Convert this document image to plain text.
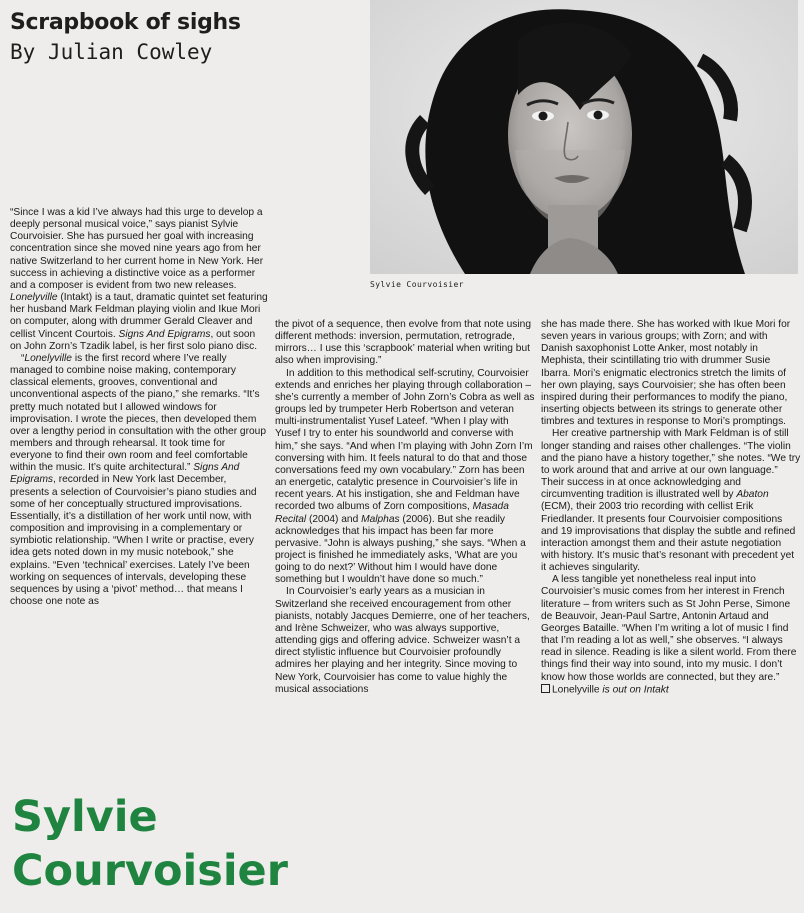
Scrapbook of sighs
By Julian Cowley
Sylvie Courvoisier

“Since I was a kid I’ve always had this urge to develop a deeply personal musical voice,” says pianist Sylvie Courvoisier. She has pursued her goal with increasing concentration since she moved nine years ago from her native Switzerland to her current home in New York. Her success in achieving a distinctive voice as a performer and a composer is evident from two new releases. Lonelyville (Intakt) is a taut, dramatic quintet set featuring her husband Mark Feldman playing violin and Ikue Mori on computer, along with drummer Gerald Cleaver and cellist Vincent Courtois. Signs And Epigrams, out soon on John Zorn’s Tzadik label, is her first solo piano disc.

“Lonelyville is the first record where I’ve really managed to combine noise making, contemporary classical elements, grooves, conventional and unconventional aspects of the piano,” she remarks. “It’s pretty much notated but I allowed windows for improvisation. I wrote the pieces, then developed them over a lengthy period in consultation with the other group members and through rehearsal. It took time for everyone to find their own room and feel comfortable within the music. It’s quite architectural.” Signs And Epigrams, recorded in New York last December, presents a selection of Courvoisier’s piano studies and some of her conceptually structured improvisations. Essentially, it’s a distillation of her work until now, with composition and improvising in a complementary or symbiotic relationship. “When I write or practise, every idea gets noted down in my music notebook,” she explains. “Even ‘technical’ exercises. Lately I’ve been working on sequences of intervals, developing these sequences by using a ‘pivot’ method… that means I choose one note as

the pivot of a sequence, then evolve from that note using different methods: inversion, permutation, retrograde, mirrors… I use this ‘scrapbook’ material when writing but also when improvising.”

In addition to this methodical self-scrutiny, Courvoisier extends and enriches her playing through collaboration – she’s currently a member of John Zorn’s Cobra as well as groups led by trumpeter Herb Robertson and veteran multi-instrumentalist Yusef Lateef. “When I play with Yusef I try to enter his soundworld and converse with him,” she says. “And when I’m playing with John Zorn I’m conversing with him. It feels natural to do that and those conversations feed my own vocabulary.” Zorn has been an energetic, catalytic presence in Courvoisier’s life in recent years. At his instigation, she and Feldman have recorded two albums of Zorn compositions, Masada Recital (2004) and Malphas (2006). But she readily acknowledges that his impact has been far more pervasive. “John is always pushing,” she says. “When a project is finished he immediately asks, ‘What are you going to do next?’ Without him I would have done something but I wouldn’t have done so much.”

In Courvoisier’s early years as a musician in Switzerland she received encouragement from other pianists, notably Jacques Demierre, one of her teachers, and Irène Schweizer, who was always supportive, attending gigs and offering advice. Schweizer wasn’t a direct stylistic influence but Courvoisier profoundly admires her playing and her integrity. Since moving to New York, Courvoisier has come to value highly the musical associations

she has made there. She has worked with Ikue Mori for seven years in various groups; with Zorn; and with Danish saxophonist Lotte Anker, most notably in Mephista, their scintillating trio with drummer Susie Ibarra. Mori’s enigmatic electronics stretch the limits of her own playing, says Courvoisier; she has often been inspired during their performances to modify the piano, inserting objects between its strings to generate other timbres and textures in response to Mori’s promptings.

Her creative partnership with Mark Feldman is of still longer standing and raises other challenges. “The violin and the piano have a history together,” she notes. “We try to work around that and arrive at our own language.” Their success in at once acknowledging and circumventing tradition is illustrated well by Abaton (ECM), their 2003 trio recording with cellist Erik Friedlander. It presents four Courvoisier compositions and 19 improvisations that display the subtle and refined interaction amongst them and their astute negotiation with history. It’s music that’s resonant with precedent yet it achieves singularity.

A less tangible yet nonetheless real input into Courvoisier’s music comes from her interest in French literature – from writers such as St John Perse, Simone de Beauvoir, Jean-Paul Sartre, Antonin Artaud and Georges Bataille. “When I’m writing a lot of music I find that I’m reading a lot as well,” she observes. “I always read in silence. Reading is like a silent world. From there things find their way into sound, into my music. I don’t know how those worlds are connected, but they are.”

Lonelyville is out on Intakt

Sylvie
Courvoisier
